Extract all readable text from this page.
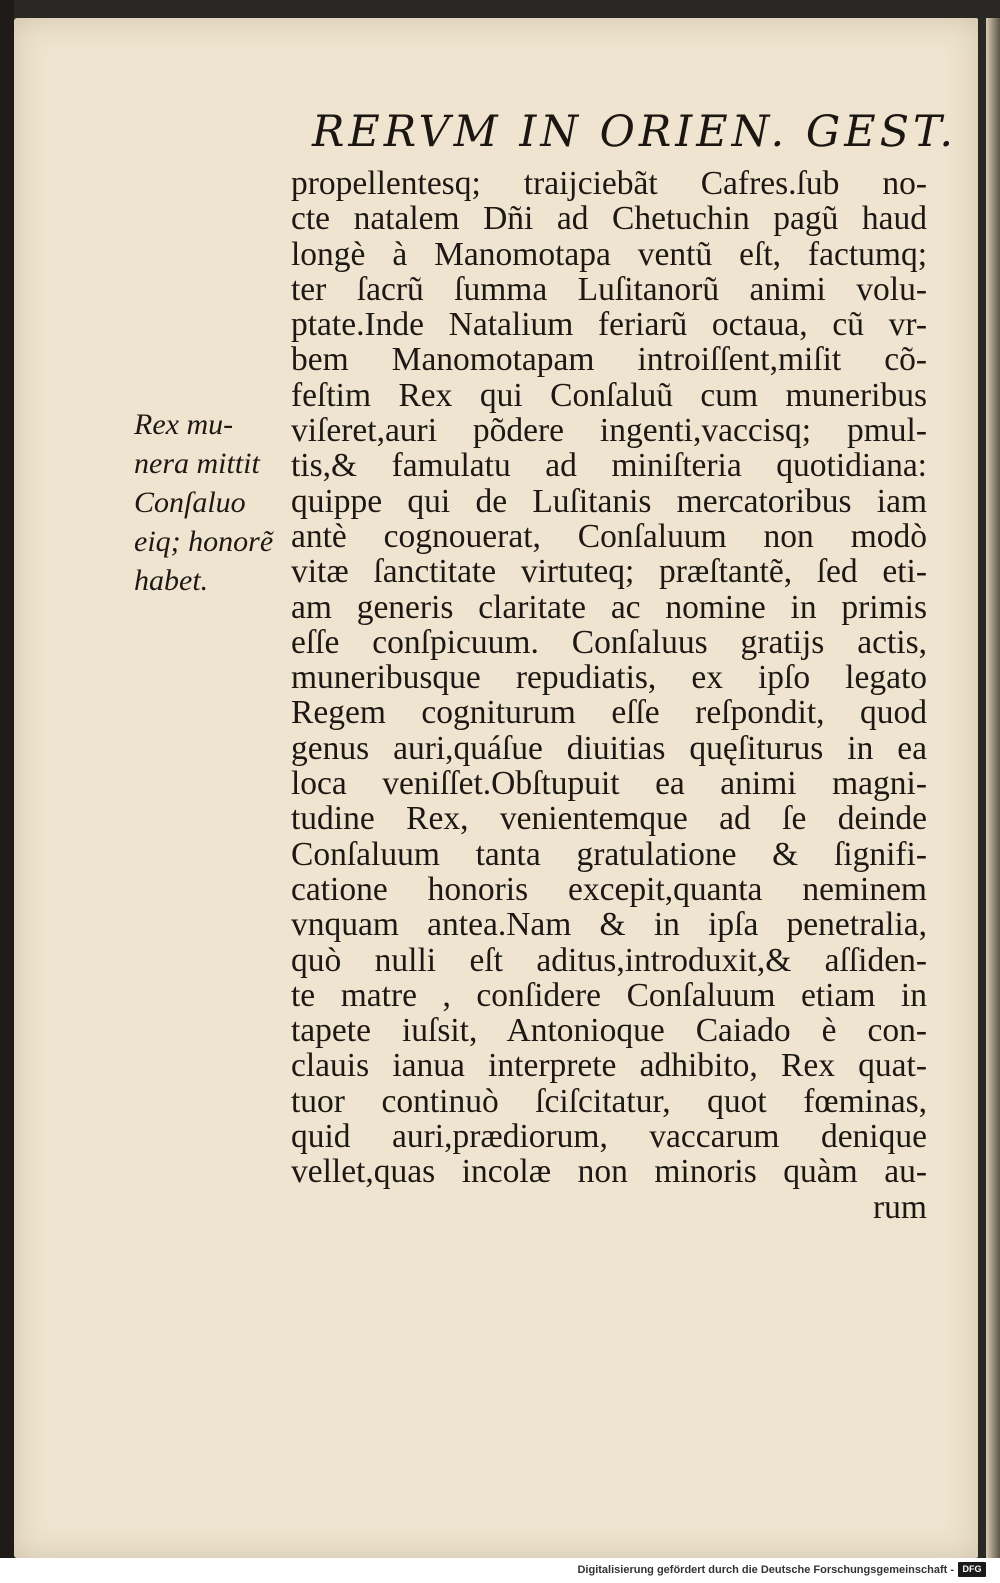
RERVM IN ORIEN. GEST.
Rex mu-
nera mittit
Conſaluo
eiq; honorẽ
habet.
propellentesq; traijciebãt Cafres.ſub no-
cte natalem Dñi ad Chetuchin pagũ haud
longè à Manomotapa ventũ eſt, factumq;
ter ſacrũ ſumma Luſitanorũ animi volu-
ptate.Inde Natalium feriarũ octaua, cũ vr-
bem Manomotapam introiſſent,miſit cõ-
feſtim Rex qui Conſaluũ cum muneribus
viſeret,auri põdere ingenti,vaccisq; pmul-
tis,& famulatu ad miniſteria quotidiana:
quippe qui de Luſitanis mercatoribus iam
antè cognouerat, Conſaluum non modò
vitæ ſanctitate virtuteq; præſtantẽ, ſed eti-
am generis claritate ac nomine in primis
eſſe conſpicuum. Conſaluus gratijs actis,
muneribusque repudiatis, ex ipſo legato
Regem cogniturum eſſe reſpondit, quod
genus auri,quáſue diuitias quęſiturus in ea
loca veniſſet.Obſtupuit ea animi magni-
tudine Rex, venientemque ad ſe deinde
Conſaluum tanta gratulatione & ſignifi-
catione honoris excepit,quanta neminem
vnquam antea.Nam & in ipſa penetralia,
quò nulli eſt aditus,introduxit,& aſſiden-
te matre , conſidere Conſaluum etiam in
tapete iuſsit, Antonioque Caiado è con-
clauis ianua interprete adhibito, Rex quat-
tuor continuò ſciſcitatur, quot fœminas,
quid auri,prædiorum, vaccarum denique
vellet,quas incolæ non minoris quàm au-
rum
Digitalisierung gefördert durch die Deutsche Forschungsgemeinschaft - DFG
